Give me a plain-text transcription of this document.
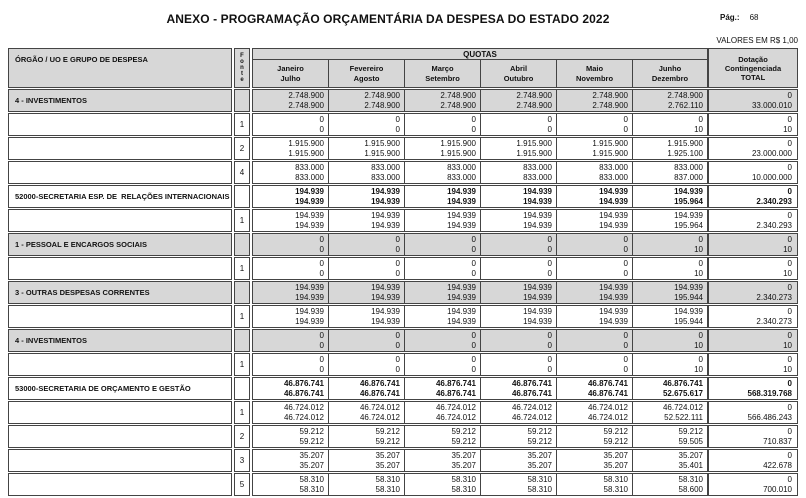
ANEXO - PROGRAMAÇÃO ORÇAMENTÁRIA DA DESPESA DO ESTADO 2022	Pág.: 68
VALORES EM R$ 1,00
ÓRGÃO / UO E GRUPO DE DESPESA	F
o
n
t
e
QUOTAS
Janeiro
Julho
Fevereiro
Agosto
Março
Setembro
Abril
Outubro
Maio
Novembro
Junho
Dezembro
Dotação
Contingenciada
TOTAL
4 - INVESTIMENTOS
2.748.900
2.748.900
2.748.900
2.748.900
2.748.900
2.748.900
2.748.900
2.748.900
2.748.900
2.748.900
2.748.900
2.762.110
0
33.000.010
1
0
0
0
0
0
0
0
0
0
0
0
10
0
10
2
1.915.900
1.915.900
1.915.900
1.915.900
1.915.900
1.915.900
1.915.900
1.915.900
1.915.900
1.915.900
1.915.900
1.925.100
0
23.000.000
4
833.000
833.000
833.000
833.000
833.000
833.000
833.000
833.000
833.000
833.000
833.000
837.000
0
10.000.000
52000-SECRETARIA ESP. DE  RELAÇÕES INTERNACIONAIS
194.939
194.939
194.939
194.939
194.939
194.939
194.939
194.939
194.939
194.939
194.939
195.964
0
2.340.293
1
194.939
194.939
194.939
194.939
194.939
194.939
194.939
194.939
194.939
194.939
194.939
195.964
0
2.340.293
1 - PESSOAL E ENCARGOS SOCIAIS
0
0
0
0
0
0
0
0
0
0
0
10
0
10
1
0
0
0
0
0
0
0
0
0
0
0
10
0
10
3 - OUTRAS DESPESAS CORRENTES
194.939
194.939
194.939
194.939
194.939
194.939
194.939
194.939
194.939
194.939
194.939
195.944
0
2.340.273
1
194.939
194.939
194.939
194.939
194.939
194.939
194.939
194.939
194.939
194.939
194.939
195.944
0
2.340.273
4 - INVESTIMENTOS
0
0
0
0
0
0
0
0
0
0
0
10
0
10
1
0
0
0
0
0
0
0
0
0
0
0
10
0
10
53000-SECRETARIA DE ORÇAMENTO E GESTÃO
46.876.741
46.876.741
46.876.741
46.876.741
46.876.741
46.876.741
46.876.741
46.876.741
46.876.741
46.876.741
46.876.741
52.675.617
0
568.319.768
1
46.724.012
46.724.012
46.724.012
46.724.012
46.724.012
46.724.012
46.724.012
46.724.012
46.724.012
46.724.012
46.724.012
52.522.111
0
566.486.243
2
59.212
59.212
59.212
59.212
59.212
59.212
59.212
59.212
59.212
59.212
59.212
59.505
0
710.837
3
35.207
35.207
35.207
35.207
35.207
35.207
35.207
35.207
35.207
35.207
35.207
35.401
0
422.678
5
58.310
58.310
58.310
58.310
58.310
58.310
58.310
58.310
58.310
58.310
58.310
58.600
0
700.010
